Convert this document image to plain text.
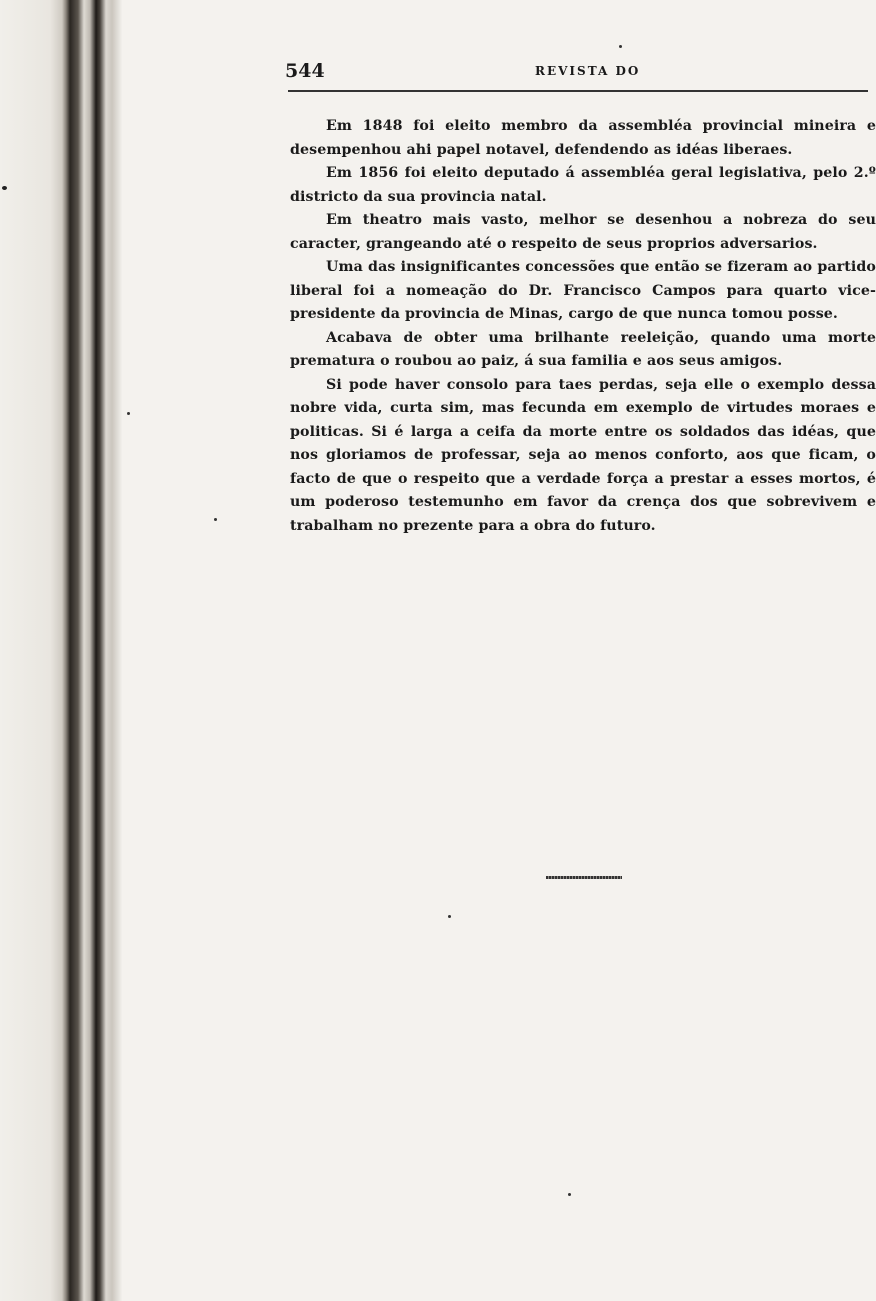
544	REVISTA DO

Em 1848 foi eleito membro da assembléa provincial mineira e desempenhou ahi papel notavel, defendendo as idéas liberaes.

Em 1856 foi eleito deputado á assembléa geral legislativa, pelo 2.º districto da sua provincia natal.

Em theatro mais vasto, melhor se desenhou a nobreza do seu caracter, grangeando até o respeito de seus proprios adversarios.

Uma das insignificantes concessões que então se fizeram ao partido liberal foi a nomeação do Dr. Francisco Campos para quarto vice-presidente da provincia de Minas, cargo de que nunca tomou posse.

Acabava de obter uma brilhante reeleição, quando uma morte prematura o roubou ao paiz, á sua familia e aos seus amigos.

Si pode haver consolo para taes perdas, seja elle o exemplo dessa nobre vida, curta sim, mas fecunda em exemplo de virtudes moraes e politicas. Si é larga a ceifa da morte entre os soldados das idéas, que nos gloriamos de professar, seja ao menos conforto, aos que ficam, o facto de que o respeito que a verdade força a prestar a esses mortos, é um poderoso testemunho em favor da crença dos que sobrevivem e trabalham no prezente para a obra do futuro.
